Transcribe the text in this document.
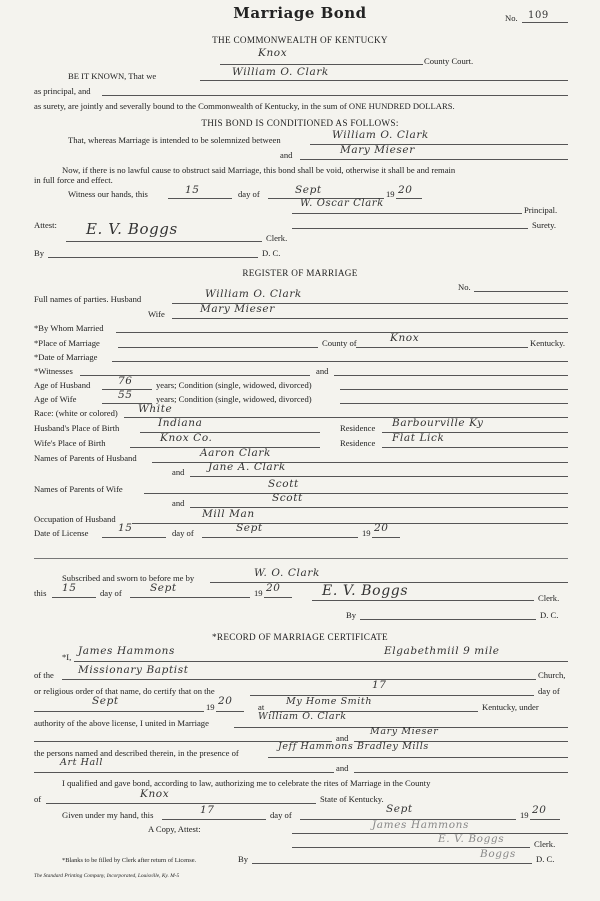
Marriage Bond	No. 109
THE COMMONWEALTH OF KENTUCKY
Knox
County Court.
BE IT KNOWN, That we	William O. Clark
as principal, and
as surety, are jointly and severally bound to the Commonwealth of Kentucky, in the sum of ONE HUNDRED DOLLARS.
THIS BOND IS CONDITIONED AS FOLLOWS:
That, whereas Marriage is intended to be solemnized between	William O. Clark
and	Mary Mieser
Now, if there is no lawful cause to obstruct said Marriage, this bond shall be void, otherwise it shall be and remain
in full force and effect.
Witness our hands, this	15	day of	Sept	19 20
W. Oscar Clark
Principal.
Surety.
Attest: E. V. Boggs	Clerk.
By	D. C.
REGISTER OF MARRIAGE
No.
Full names of parties. Husband	William O. Clark
Wife	Mary Mieser
*By Whom Married
*Place of Marriage	County of	Knox	Kentucky.
*Date of Marriage
*Witnesses	and
Age of Husband	76	years; Condition (single, widowed, divorced)
Age of Wife	55	years; Condition (single, widowed, divorced)
Race: (white or colored) White
Husband's Place of Birth	Indiana	Residence Barbourville Ky
Wife's Place of Birth	Knox Co.	Residence Flat Lick
Names of Parents of Husband	Aaron Clark
and Jane A. Clark
Names of Parents of Wife	Scott
and	Scott
Occupation of Husband	Mill Man
Date of License	15	day of	Sept	19 20
Subscribed and sworn to before me by	W. O. Clark
this 15	day of	Sept	19 20	E. V. Boggs	Clerk.
By	D. C.
*RECORD OF MARRIAGE CERTIFICATE
*I, James Hammons	Elgabethmiil 9 mile
of the Missionary Baptist	Church,
or religious order of that name, do certify that on the	17	day of
Sept	19 20	at My Home Smith	Kentucky, under
authority of the above license, I united in Marriage
William O. Clark
and
Mary Mieser
the persons named and described therein, in the presence of
Jeff Hammons Bradley Mills
Art Hall	and
I qualified and gave bond, according to law, authorizing me to celebrate the rites of Marriage in the County
of	Knox	State of Kentucky.
Given under my hand, this	17	day of	Sept	19 20
A Copy, Attest:	James Hammons
E. V. Boggs	Clerk.
By	Boggs D. C.
*Blanks to be filled by Clerk after return of License.
The Standard Printing Company, Incorporated, Louisville, Ky. M-5
